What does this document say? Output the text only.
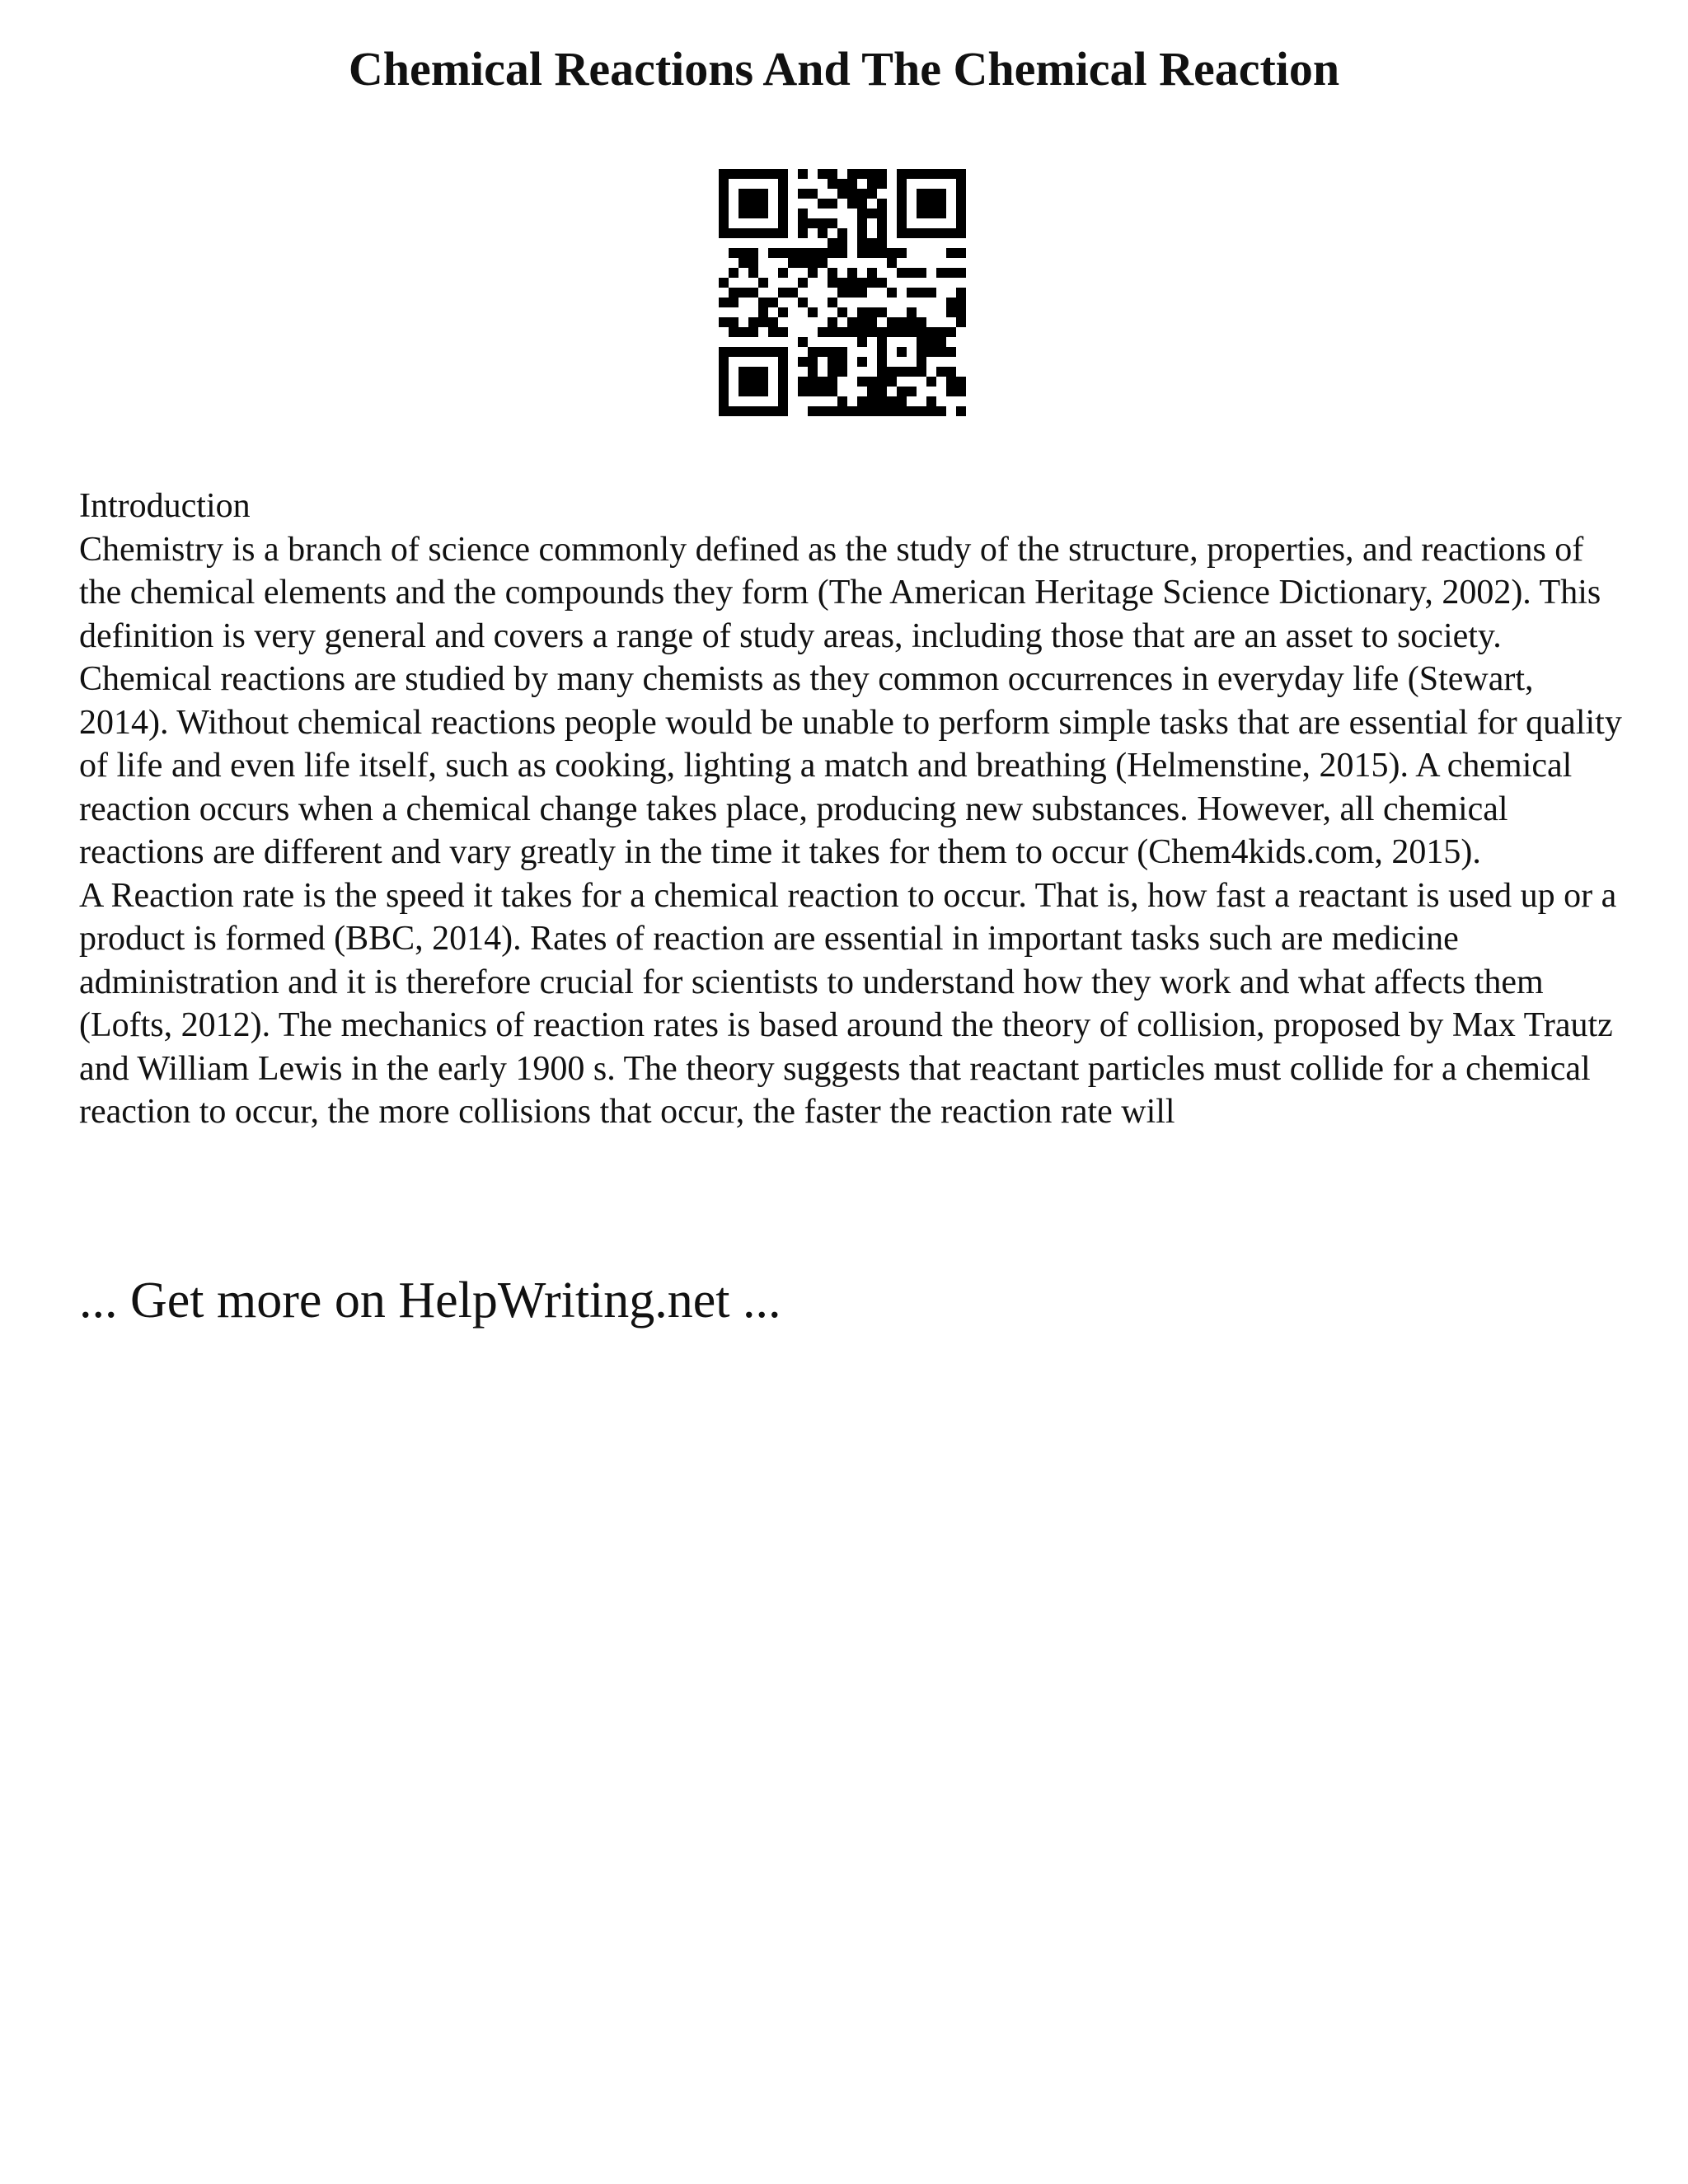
Chemical Reactions And The Chemical Reaction

Introduction

Chemistry is a branch of science commonly defined as the study of the structure, properties, and reactions of the chemical elements and the compounds they form (The American Heritage Science Dictionary, 2002). This definition is very general and covers a range of study areas, including those that are an asset to society. Chemical reactions are studied by many chemists as they common occurrences in everyday life (Stewart, 2014). Without chemical reactions people would be unable to perform simple tasks that are essential for quality of life and even life itself, such as cooking, lighting a match and breathing (Helmenstine, 2015). A chemical reaction occurs when a chemical change takes place, producing new substances. However, all chemical reactions are different and vary greatly in the time it takes for them to occur (Chem4kids.com, 2015).

A Reaction rate is the speed it takes for a chemical reaction to occur. That is, how fast a reactant is used up or a product is formed (BBC, 2014). Rates of reaction are essential in important tasks such are medicine administration and it is therefore crucial for scientists to understand how they work and what affects them (Lofts, 2012). The mechanics of reaction rates is based around the theory of collision, proposed by Max Trautz and William Lewis in the early 1900 s. The theory suggests that reactant particles must collide for a chemical reaction to occur, the more collisions that occur, the faster the reaction rate will

... Get more on HelpWriting.net ...
